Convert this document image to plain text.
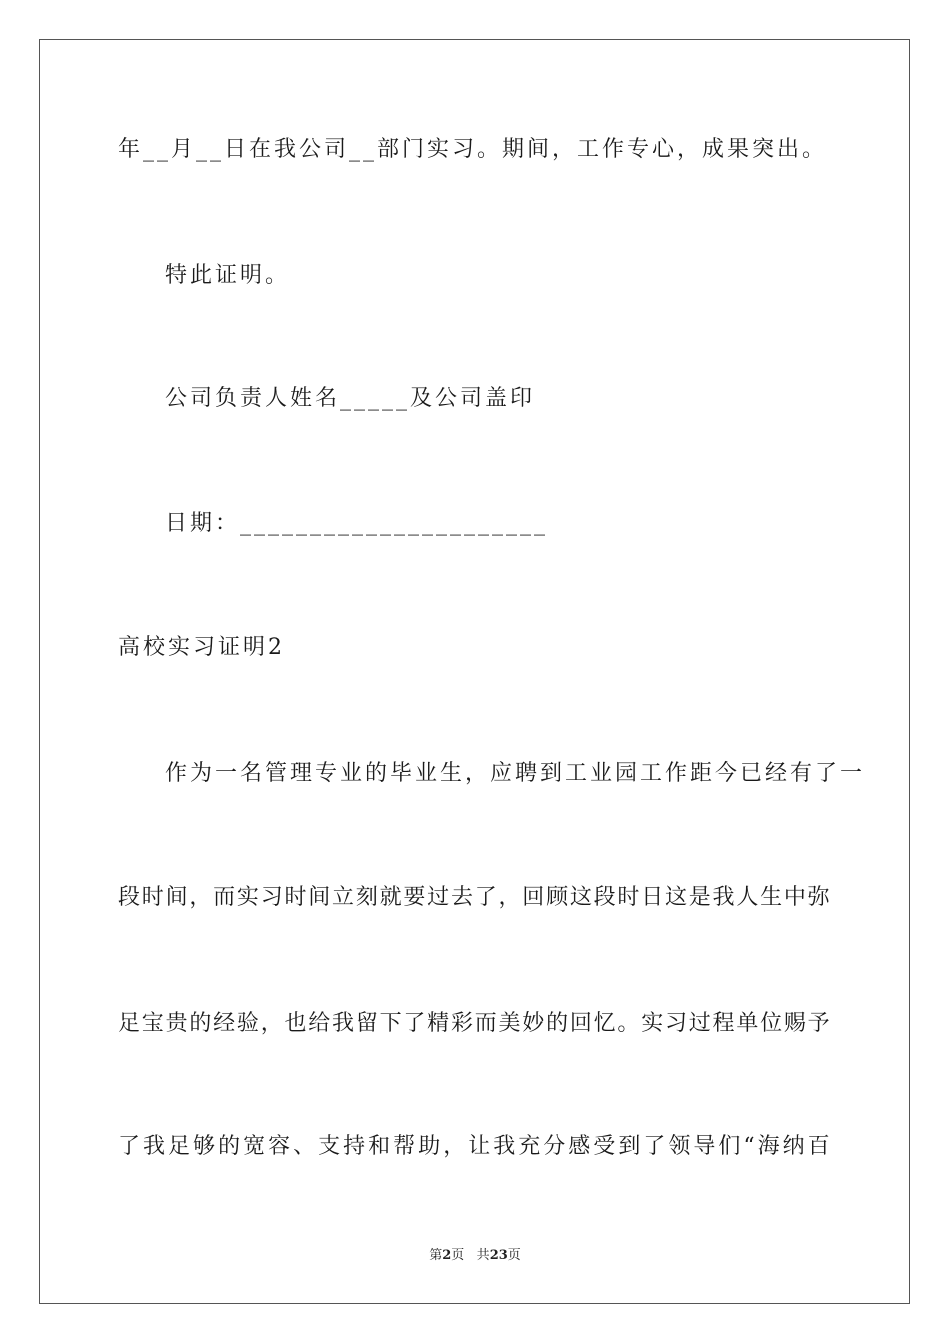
年__月__日在我公司__部门实习。期间，工作专心，成果突出。
特此证明。
公司负责人姓名_____及公司盖印
日期：______________________
高校实习证明2
作为一名管理专业的毕业生，应聘到工业园工作距今已经有了一
段 时 间 ， 而 实 习 时 间 立 刻 就 要 过 去 了 ， 回 顾 这 段 时 日 这 是 我 人 生 中 弥
足 宝 贵 的 经 验 ， 也 给 我 留 下 了 精 彩 而 美 妙 的 回 忆 。 实 习 过 程 单 位 赐 予
了 我 足 够 的 宽 容 、 支 持 和 帮 助 ， 让 我 充 分 感 受 到 了 领 导 们 “ 海 纳 百
第2页 共23页
